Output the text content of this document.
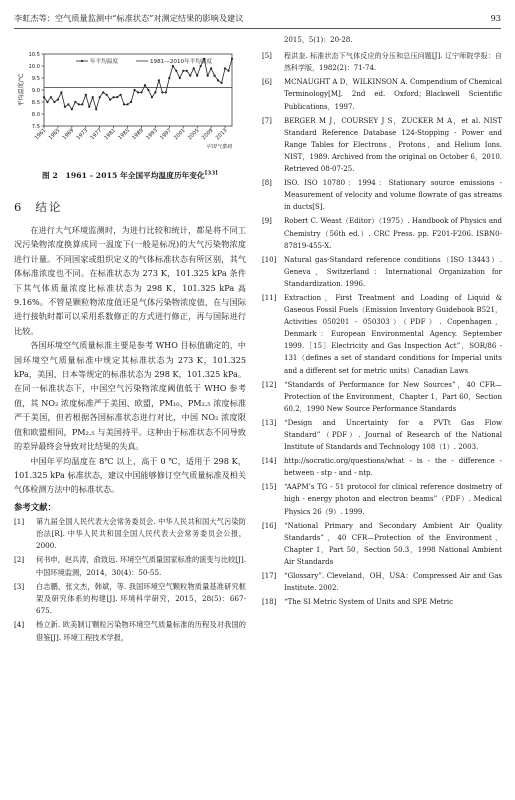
李虹杰等：空气质量监测中“标准状态”对测定结果的影响及建议	93
7.5
8.0
8.5
9.0
9.5
10.0
10.5
1961 1965 1969 1973 1977 1981 1985 1989 1993 1997 2001 2005 2009 2013
平均温度/℃
年平均温度	1981—2010年平均温度
中国气象局
图 2　1961 - 2015 年全国平均温度历年变化[33]
6 结论

在进行大气环境监测时，为进行比较和统计，都是将不同工况污染物浓度换算成同一温度下(一般是标况)的大气污染物浓度进行计量。不同国家或组织定义的气体标准状态有所区别，其气体标准浓度也不同。在标准状态为 273 K，101.325 kPa 条件下其气体质量浓度比标准状态为 298 K，101.325 kPa 高 9.16%。不管是颗粒物浓度值还是气体污染物浓度值，在与国际进行接轨时都可以采用系数修正的方式进行修正，再与国际进行比较。

各国环境空气质量标准主要是参考 WHO 目标值确定的，中国环境空气质量标准中规定其标准状态为 273 K，101.325 kPa，美国、日本等规定的标准状态为 298 K，101.325 kPa。在同一标准状态下，中国空气污染物浓度阈值低于 WHO 参考值，其 NO₂ 浓度标准严于美国、欧盟，PM₁₀、PM₂.₅ 浓度标准严于美国，但若根据各国标准状态进行对比，中国 NO₂ 浓度限值和欧盟相同，PM₂.₅ 与美国持平。这种由于标准状态不同导致的差异最终会导致对比结果的失真。

中国年平均温度在 8℃ 以上，高于 0 ℃，适用于 298 K，101.325 kPa 标准状态，建议中国能够修订空气质量标准及相关气体检测方法中的标准状态。

参考文献：
[1]	第九届全国人民代表大会常务委员会. 中华人民共和国大气污染防治法[R]. 中华人民共和国全国人民代表大会常务委员会公报，2000.
[2]	何书申，赵兵涛，俞致远. 环境空气质量国家标准的演变与比较[J]. 中国环境监测，2014，30(4)：50-55.
[3]	白志鹏，张文杰，韩斌，等. 我国环境空气颗粒物质量基准研究框架及研究体系的构建[J]. 环境科学研究，2015，28(5)：667-675.
[4]	杨立新. 欧美制订颗粒污染物环境空气质量标准的历程及对我国的借鉴[J]. 环境工程技术学报，
2015，5(1)：20-28.
[5]	程洪奎. 标准状态下气体反应的分压和总压问题[J]. 辽宁师院学报：自然科学版，1982(2)：71-74.
[6]	MCNAUGHT A D，WILKINSON A. Compendium of Chemical Terminology[M]. 2nd ed. Oxford；Blackwell Scientific Publications，1997.
[7]	BERGER M J，COURSEY J S，ZUCKER M A，et al. NIST Standard Reference Database 124-Stopping - Power and Range Tables for Electrons，Protons，and Helium Ions. NIST，1989. Archived from the original on October 6，2010. Retrieved 08-07-25.
[8]	ISO. ISO 10780：1994：Stationary source emissions - Measurement of velocity and volume flowrate of gas streams in ducts[S].
[9]	Robert C. Weast（Editor）（1975）. Handbook of Physics and Chemistry（56th ed.）. CRC Press. pp. F201-F206. ISBN0-87819-455-X.
[10]	Natural gas-Standard reference conditions（ISO 13443）. Geneva，Switzerland：International Organization for Standardization. 1996.
[11]	Extraction，First Treatment and Loading of Liquid & Gaseous Fossil Fuels（Emission Inventory Guidebook B521，Activities 050201 - 050303）（PDF）. Copenhagen，Denmark：European Environmental Agency. September 1999.［15］Electricity and Gas Inspection Act”，SOR/86 - 131（defines a set of standard conditions for Imperial units and a different set for metric units）Canadian Laws
[12]	“Standards of Performance for New Sources”，40 CFR—Protection of the Environment，Chapter 1，Part 60，Section 60.2，1990 New Source Performance Standards
[13]	“Design and Uncertainty for a PVTt Gas Flow Standard”（PDF）. Journal of Research of the National Institute of Standards and Technology 108（1）. 2003.
[14]	http://socratic.org/questions/what - is - the - difference - between - stp - and - ntp.
[15]	“AAPM’s TG - 51 protocol for clinical reference dosimetry of high - energy photon and electron beams”（PDF）. Medical Physics 26（9）. 1999.
[16]	“National Primary and Secondary Ambient Air Quality Standards”，40 CFR—Protection of the Environment，Chapter 1，Part 50，Section 50.3，1998 National Ambient Air Standards
[17]	“Glossary”. Cleveland，OH，USA：Compressed Air and Gas Institute. 2002.
[18]	“The SI Metric System of Units and SPE Metric
